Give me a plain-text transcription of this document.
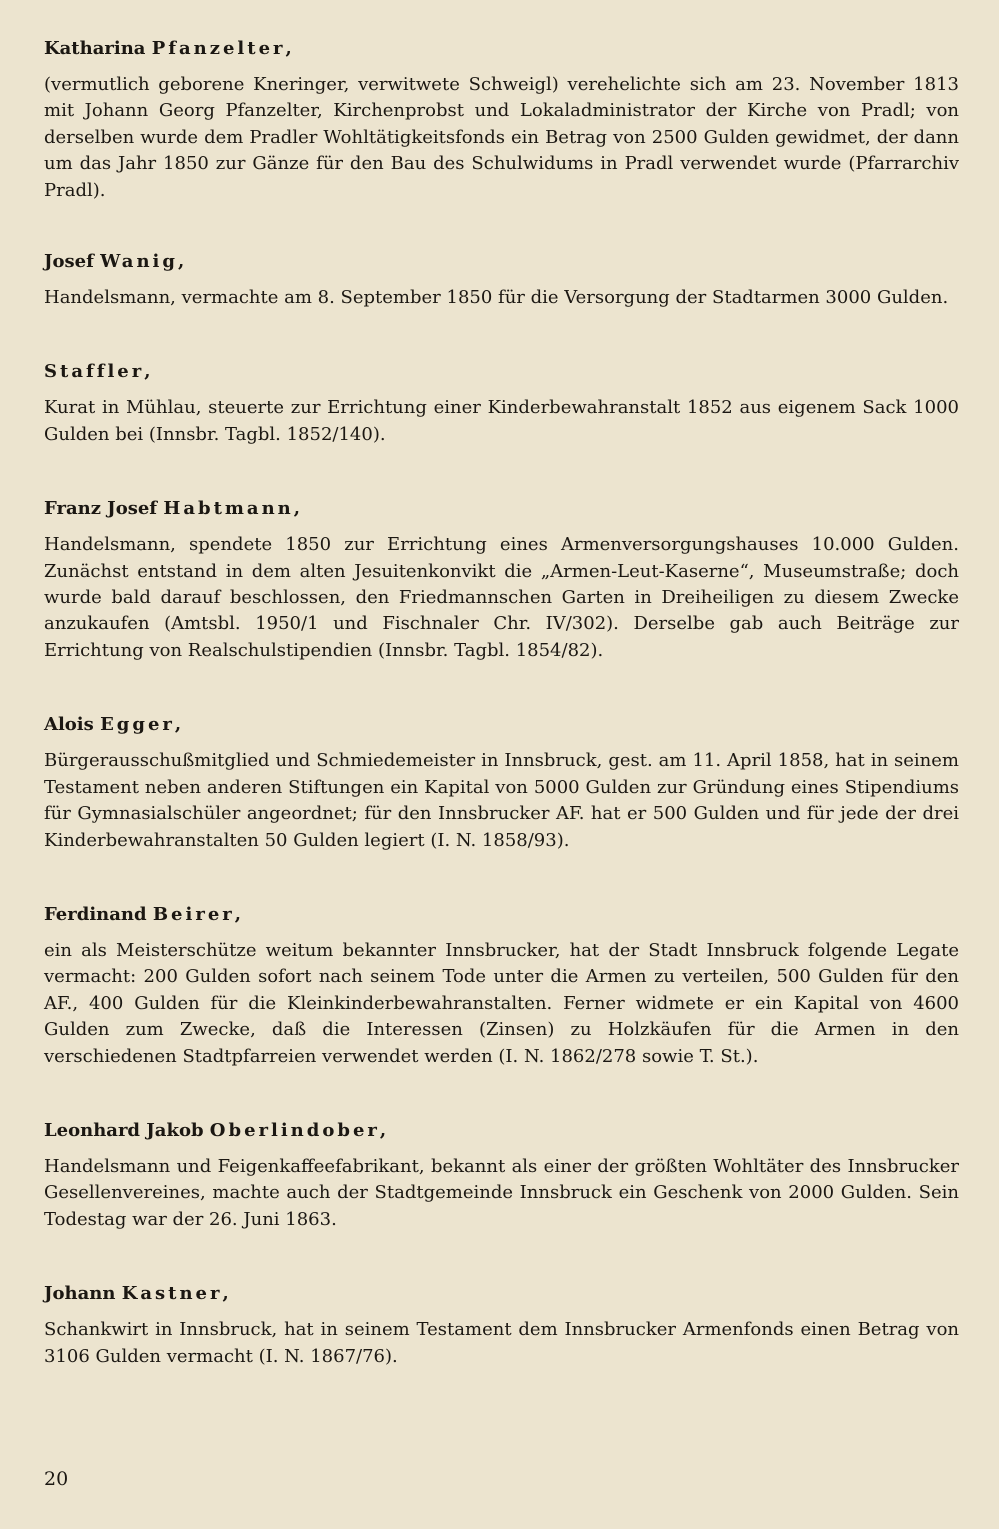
Katharina Pfanzelter,

(vermutlich geborene Kneringer, verwitwete Schweigl) verehelichte sich am 23. November 1813 mit Johann Georg Pfanzelter, Kirchenprobst und Lokaladministrator der Kirche von Pradl; von derselben wurde dem Pradler Wohltätigkeitsfonds ein Betrag von 2500 Gulden gewidmet, der dann um das Jahr 1850 zur Gänze für den Bau des Schulwidums in Pradl verwendet wurde (Pfarrarchiv Pradl).

Josef Wanig,

Handelsmann, vermachte am 8. September 1850 für die Versorgung der Stadtarmen 3000 Gulden.

Staffler,

Kurat in Mühlau, steuerte zur Errichtung einer Kinderbewahranstalt 1852 aus eigenem Sack 1000 Gulden bei (Innsbr. Tagbl. 1852/140).

Franz Josef Habtmann,

Handelsmann, spendete 1850 zur Errichtung eines Armenversorgungshauses 10.000 Gulden. Zunächst entstand in dem alten Jesuitenkonvikt die „Armen-Leut-Kaserne“, Museumstraße; doch wurde bald darauf beschlossen, den Friedmannschen Garten in Dreiheiligen zu diesem Zwecke anzukaufen (Amtsbl. 1950/1 und Fischnaler Chr. IV/302). Derselbe gab auch Beiträge zur Errichtung von Realschulstipendien (Innsbr. Tagbl. 1854/82).

Alois Egger,

Bürgerausschußmitglied und Schmiedemeister in Innsbruck, gest. am 11. April 1858, hat in seinem Testament neben anderen Stiftungen ein Kapital von 5000 Gulden zur Gründung eines Stipendiums für Gymnasialschüler angeordnet; für den Innsbrucker AF. hat er 500 Gulden und für jede der drei Kinderbewahranstalten 50 Gulden legiert (I. N. 1858/93).

Ferdinand Beirer,

ein als Meisterschütze weitum bekannter Innsbrucker, hat der Stadt Innsbruck folgende Legate vermacht: 200 Gulden sofort nach seinem Tode unter die Armen zu verteilen, 500 Gulden für den AF., 400 Gulden für die Kleinkinderbewahranstalten. Ferner widmete er ein Kapital von 4600 Gulden zum Zwecke, daß die Interessen (Zinsen) zu Holzkäufen für die Armen in den verschiedenen Stadtpfarreien verwendet werden (I. N. 1862/278 sowie T. St.).

Leonhard Jakob Oberlindober,

Handelsmann und Feigenkaffeefabrikant, bekannt als einer der größten Wohltäter des Innsbrucker Gesellenvereines, machte auch der Stadtgemeinde Innsbruck ein Geschenk von 2000 Gulden. Sein Todestag war der 26. Juni 1863.

Johann Kastner,

Schankwirt in Innsbruck, hat in seinem Testament dem Innsbrucker Armenfonds einen Betrag von 3106 Gulden vermacht (I. N. 1867/76).

20
